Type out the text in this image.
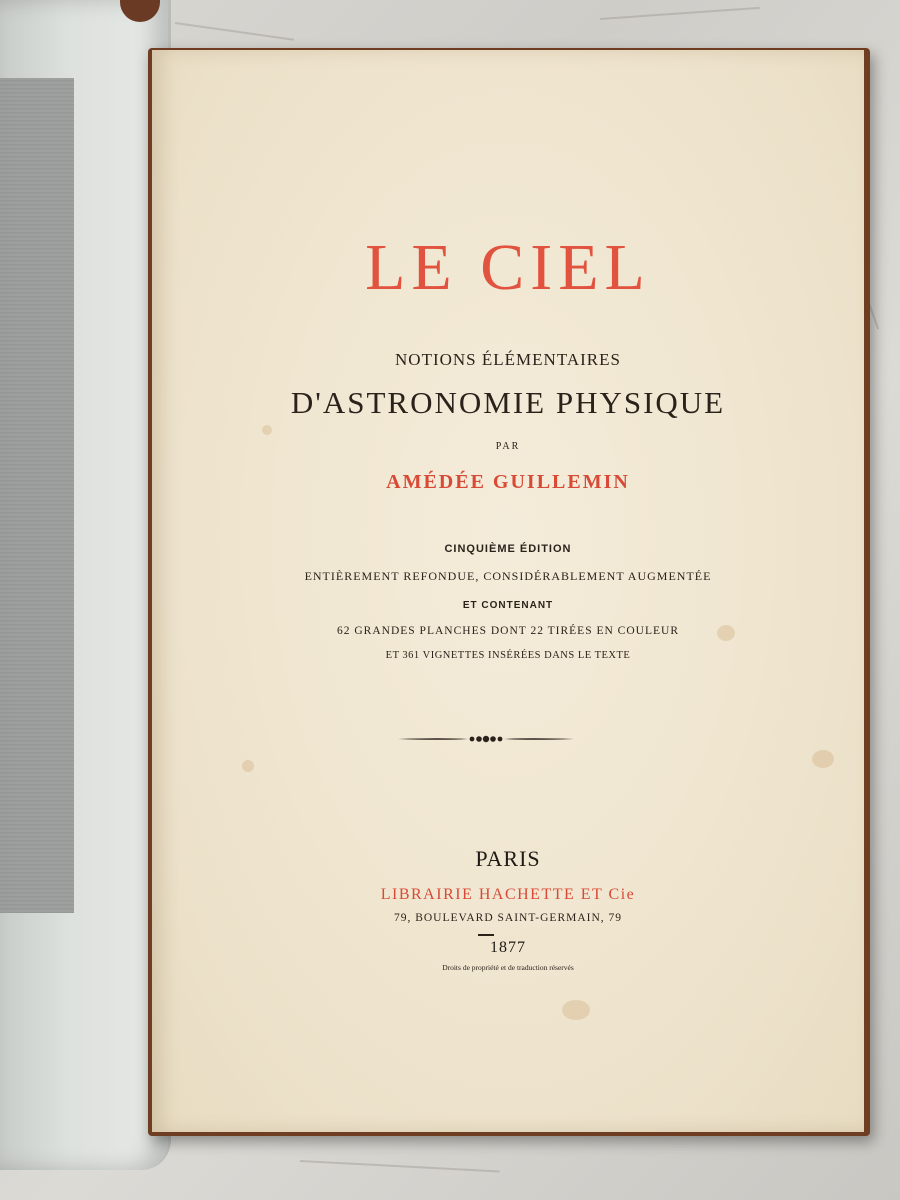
LE CIEL
NOTIONS ÉLÉMENTAIRES
D'ASTRONOMIE PHYSIQUE
PAR
AMÉDÉE GUILLEMIN
CINQUIÈME ÉDITION
ENTIÈREMENT REFONDUE, CONSIDÉRABLEMENT AUGMENTÉE
ET CONTENANT
62 GRANDES PLANCHES DONT 22 TIRÉES EN COULEUR
ET 361 VIGNETTES INSÉRÉES DANS LE TEXTE
PARIS
LIBRAIRIE HACHETTE ET Cie
79, BOULEVARD SAINT-GERMAIN, 79
1877
Droits de propriété et de traduction réservés
